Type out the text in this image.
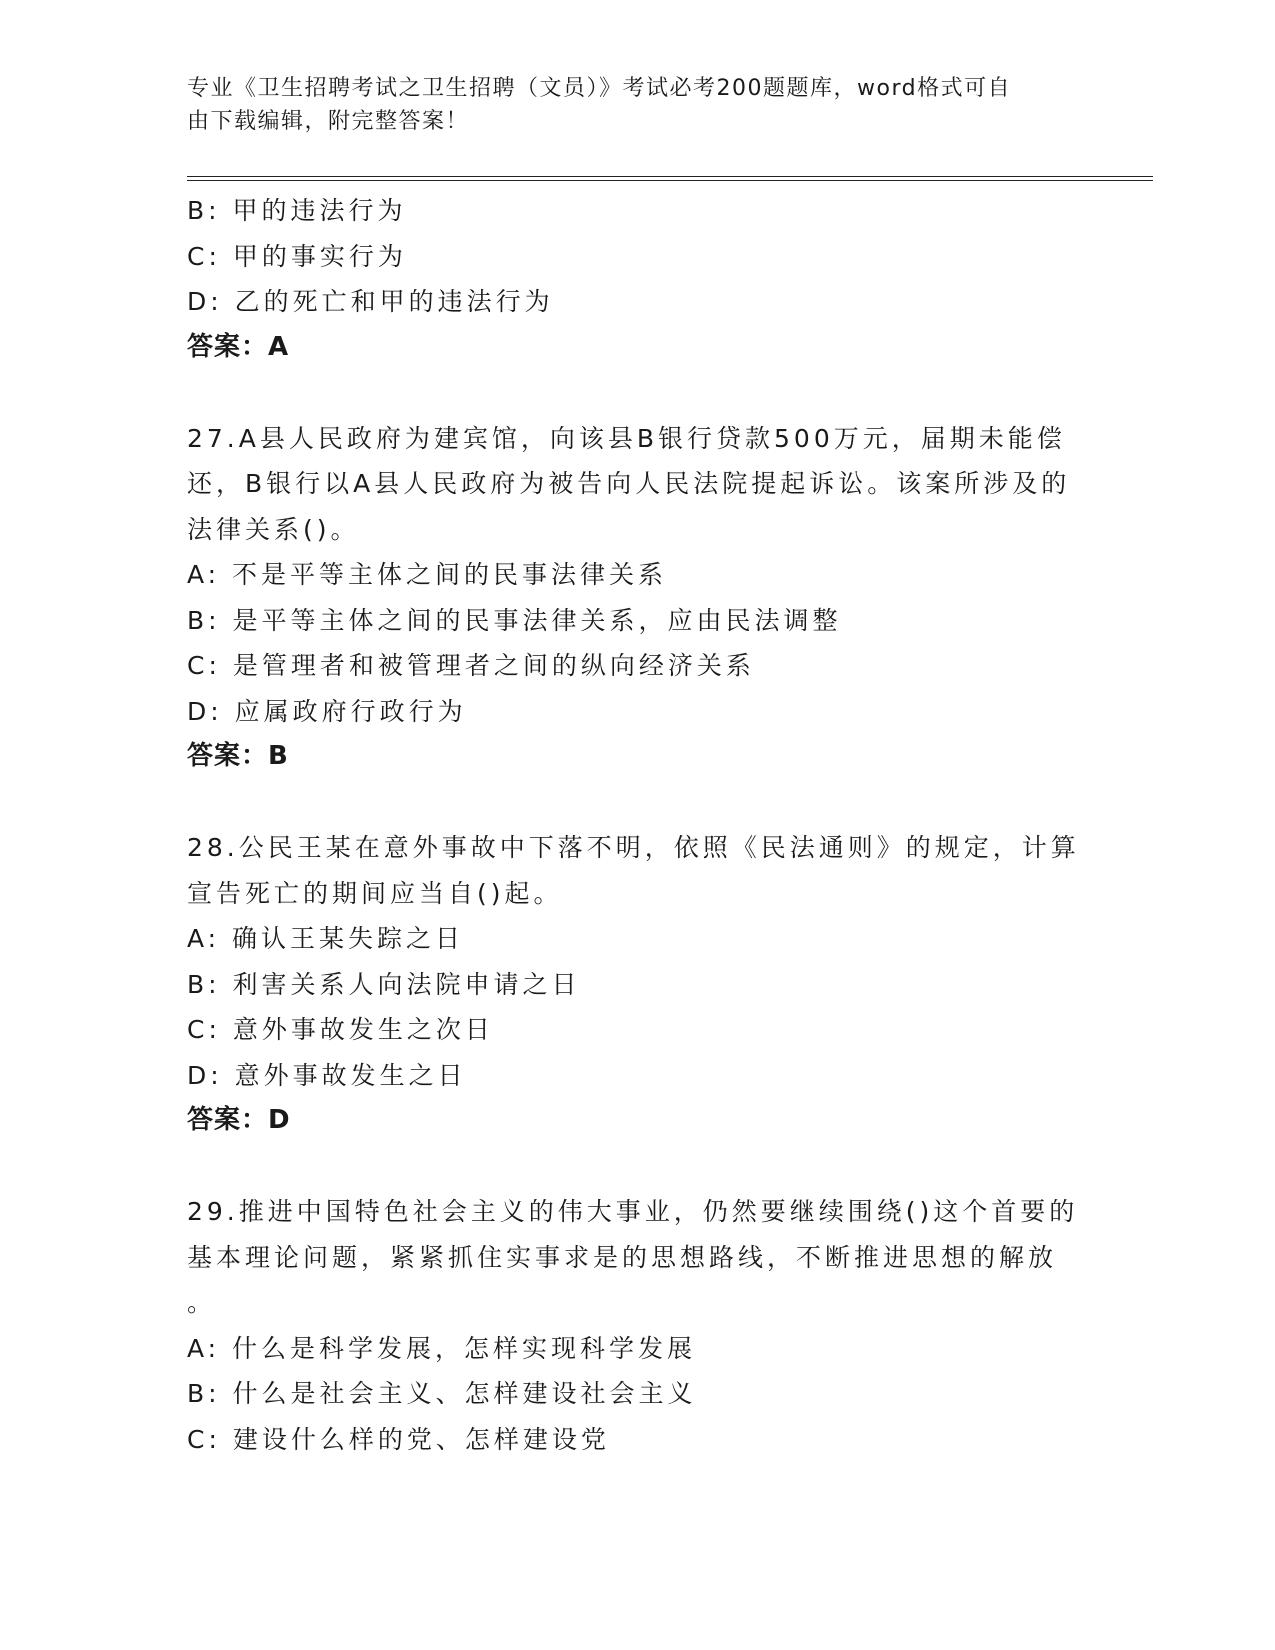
专业《卫生招聘考试之卫生招聘（文员）》考试必考200题题库，word格式可自
由下载编辑，附完整答案！
B: 甲的违法行为
C: 甲的事实行为
D: 乙的死亡和甲的违法行为
答案：A
27.A县人民政府为建宾馆，向该县B银行贷款500万元，届期未能偿
还，B银行以A县人民政府为被告向人民法院提起诉讼。该案所涉及的
法律关系()。
A: 不是平等主体之间的民事法律关系
B: 是平等主体之间的民事法律关系，应由民法调整
C: 是管理者和被管理者之间的纵向经济关系
D: 应属政府行政行为
答案：B
28.公民王某在意外事故中下落不明，依照《民法通则》的规定，计算
宣告死亡的期间应当自()起。
A: 确认王某失踪之日
B: 利害关系人向法院申请之日
C: 意外事故发生之次日
D: 意外事故发生之日
答案：D
29.推进中国特色社会主义的伟大事业，仍然要继续围绕()这个首要的
基本理论问题，紧紧抓住实事求是的思想路线，不断推进思想的解放
。
A: 什么是科学发展，怎样实现科学发展
B: 什么是社会主义、怎样建设社会主义
C: 建设什么样的党、怎样建设党
